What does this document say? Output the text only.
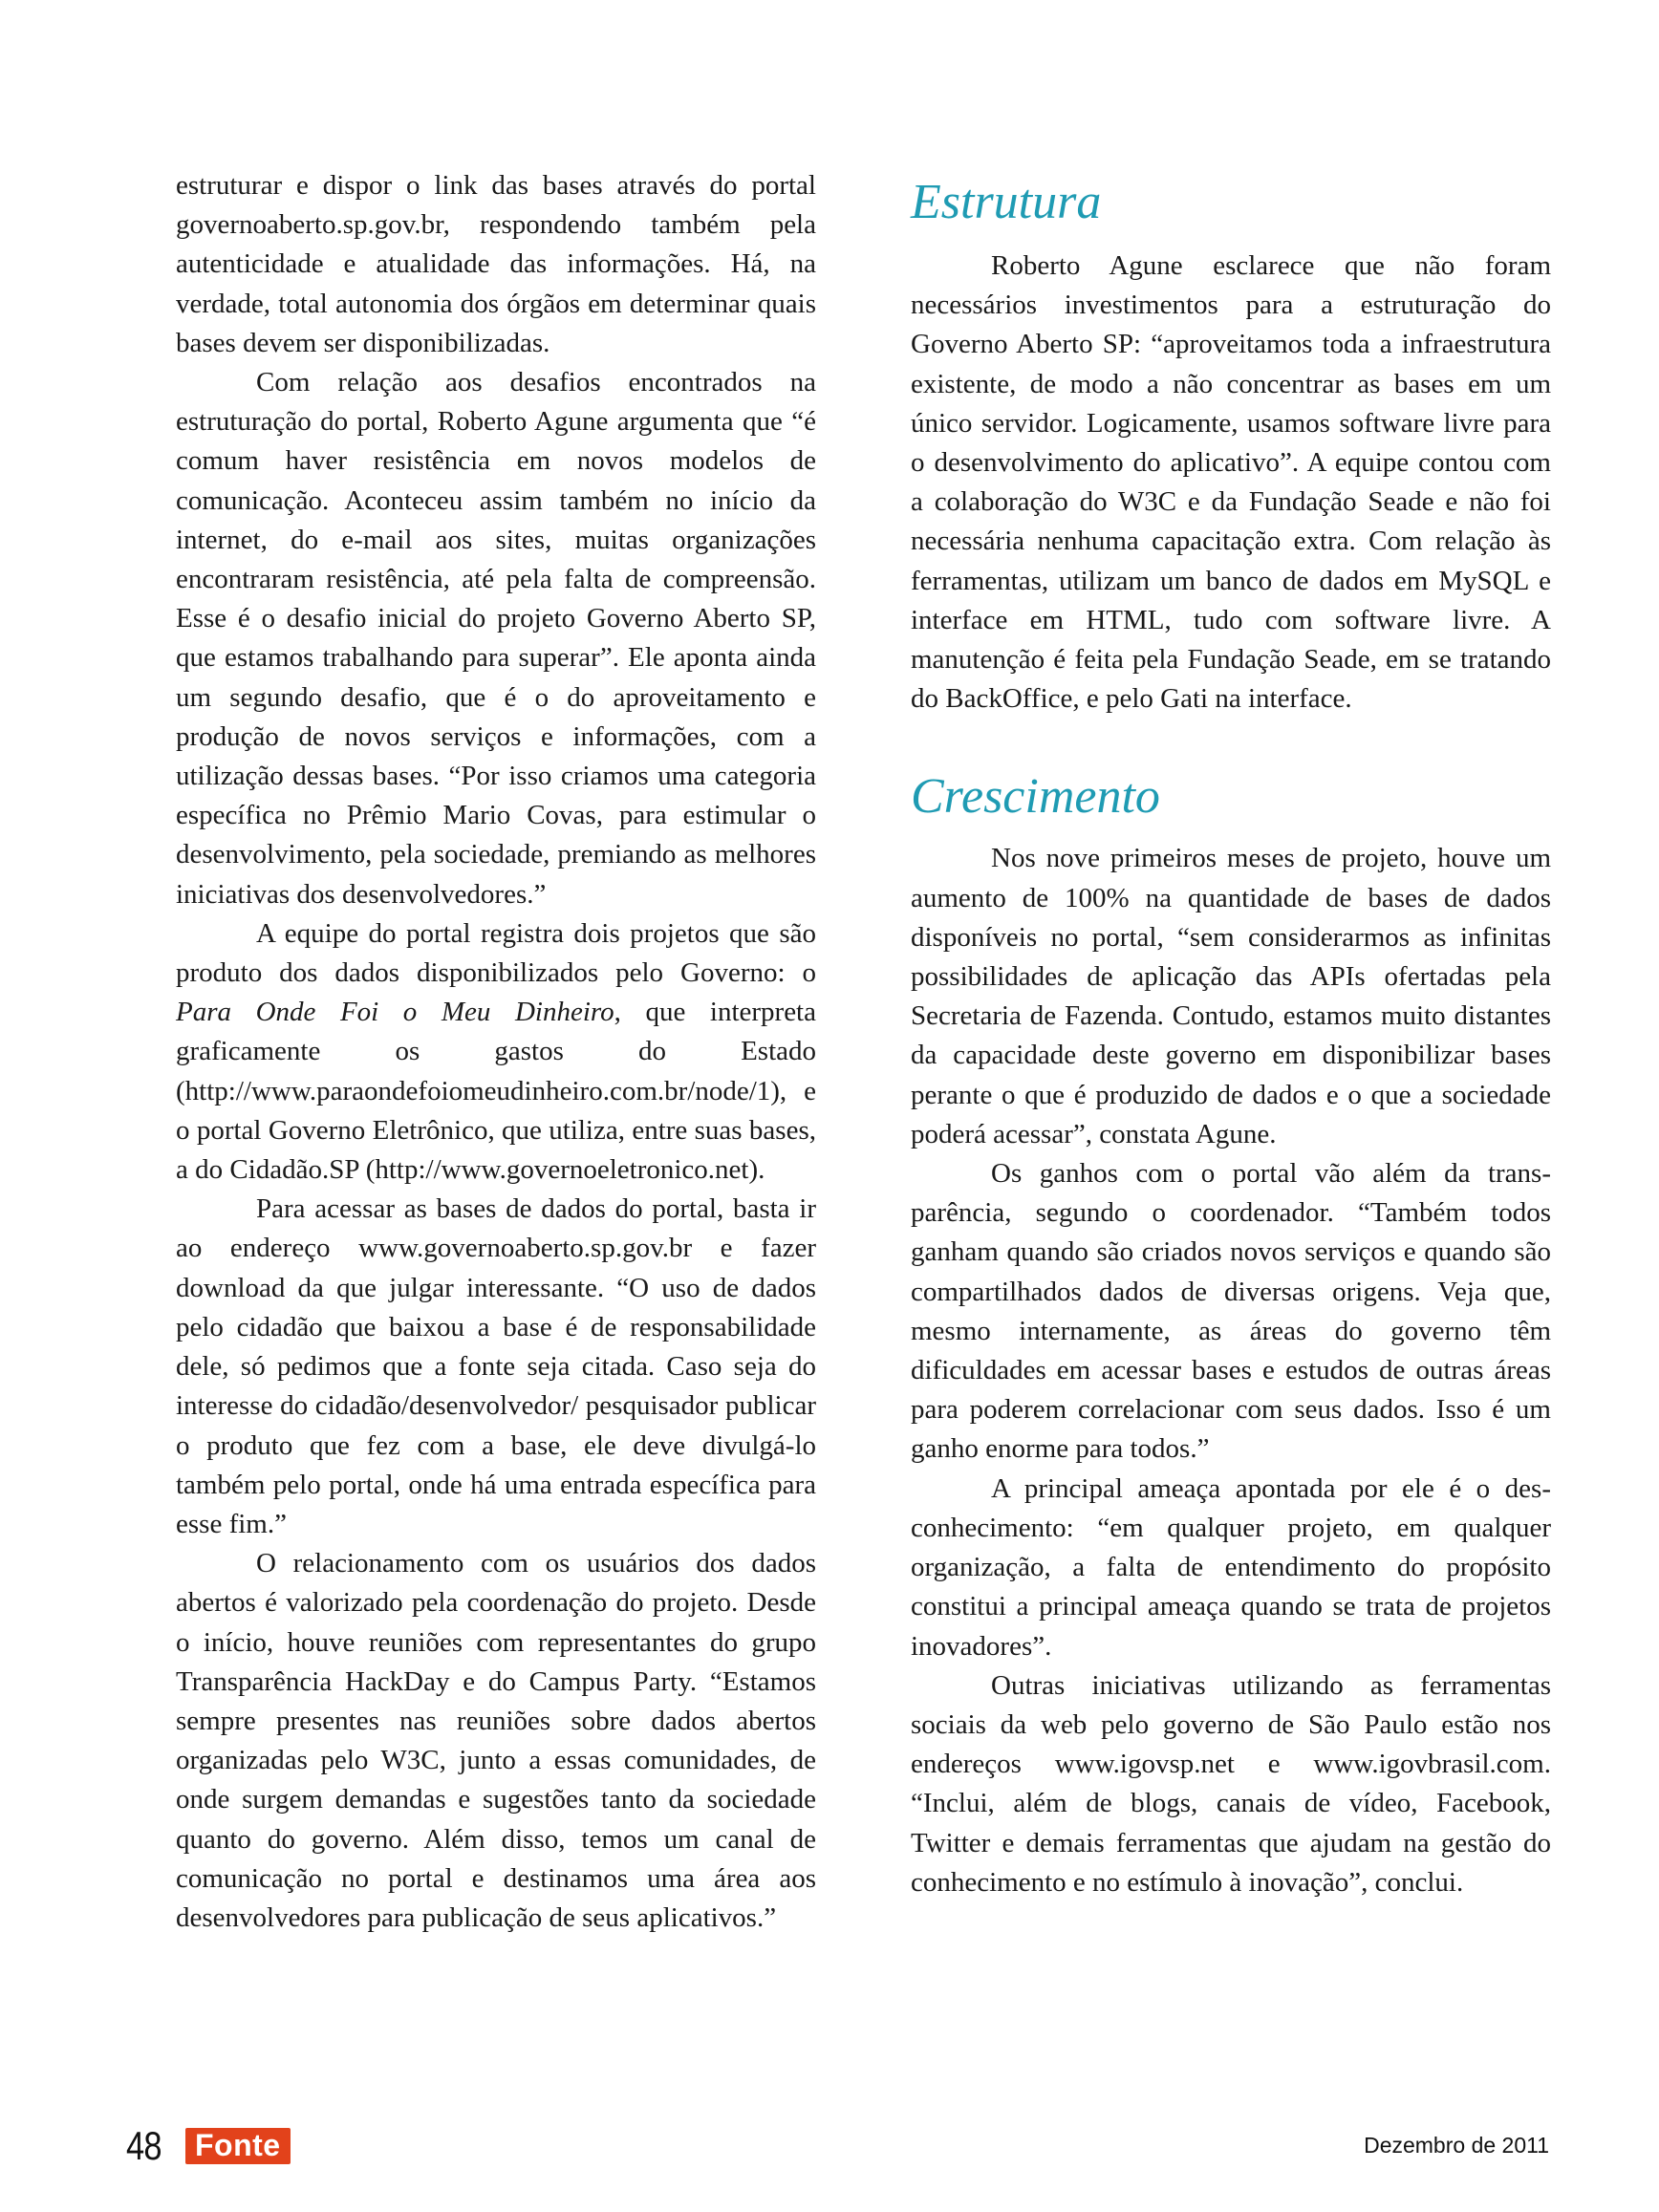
estruturar e dispor o link das bases através do portal governoaberto.sp.gov.br, respondendo também pela autenticidade e atualidade das informações. Há, na verdade, total autonomia dos órgãos em determinar quais bases devem ser disponibilizadas.

Com relação aos desafios encontrados na estruturação do portal, Roberto Agune argumenta que “é comum haver resistência em novos modelos de comunicação. Aconteceu assim também no início da internet, do e-mail aos sites, muitas organizações encontraram resistência, até pela falta de compreensão. Esse é o desafio inicial do projeto Governo Aberto SP, que estamos trabalhando para superar”. Ele aponta ainda um segundo desafio, que é o do aproveitamento e produção de novos serviços e informações, com a utilização dessas bases. “Por isso criamos uma categoria específica no Prêmio Mario Covas, para estimular o desenvolvimento, pela sociedade, premiando as melhores iniciativas dos desenvolvedores.”

A equipe do portal registra dois projetos que são produto dos dados disponibilizados pelo Governo: o Para Onde Foi o Meu Dinheiro, que interpreta graficamente os gastos do Estado (http://www.paraondefoiomeudinheiro.com.br/node/1), e o portal Governo Eletrônico, que utiliza, entre suas bases, a do Cidadão.SP (http://www.governoeletronico.net).

Para acessar as bases de dados do portal, basta ir ao endereço www.governoaberto.sp.gov.br e fazer download da que julgar interessante. “O uso de dados pelo cidadão que baixou a base é de responsabilidade dele, só pedimos que a fonte seja citada. Caso seja do interesse do cidadão/desenvolvedor/ pesquisador publicar o produto que fez com a base, ele deve divulgá-lo também pelo portal, onde há uma entrada específica para esse fim.”

O relacionamento com os usuários dos dados abertos é valorizado pela coordenação do projeto. Desde o início, houve reuniões com representantes do grupo Transparência HackDay e do Campus Party. “Estamos sempre presentes nas reuniões sobre dados abertos organizadas pelo W3C, junto a essas comunidades, de onde surgem demandas e sugestões tanto da sociedade quanto do governo. Além disso, temos um canal de comunicação no portal e destinamos uma área aos desenvolvedores para publicação de seus aplicativos.”

Estrutura

Roberto Agune esclarece que não foram necessários investimentos para a estruturação do Governo Aberto SP: “aproveitamos toda a infraestrutura existente, de modo a não concentrar as bases em um único servidor. Logicamente, usamos software livre para o desenvolvimento do aplicativo”. A equipe contou com a colaboração do W3C e da Fundação Seade e não foi necessária nenhuma capacitação extra. Com relação às ferramentas, utilizam um banco de dados em MySQL e interface em HTML, tudo com software livre. A manutenção é feita pela Fundação Seade, em se tratando do BackOffice, e pelo Gati na interface.

Crescimento

Nos nove primeiros meses de projeto, houve um aumento de 100% na quantidade de bases de dados disponíveis no portal, “sem considerarmos as infinitas possibilidades de aplicação das APIs ofertadas pela Secretaria de Fazenda. Contudo, estamos muito distantes da capacidade deste governo em disponibilizar bases perante o que é produzido de dados e o que a sociedade poderá acessar”, constata Agune.

Os ganhos com o portal vão além da transparência, segundo o coordenador. “Também todos ganham quando são criados novos serviços e quando são compartilhados dados de diversas origens. Veja que, mesmo internamente, as áreas do governo têm dificuldades em acessar bases e estudos de outras áreas para poderem correlacionar com seus dados. Isso é um ganho enorme para todos.”

A principal ameaça apontada por ele é o desconhecimento: “em qualquer projeto, em qualquer organização, a falta de entendimento do propósito constitui a principal ameaça quando se trata de projetos inovadores”.

Outras iniciativas utilizando as ferramentas sociais da web pelo governo de São Paulo estão nos endereços www.igovsp.net e www.igovbrasil.com. “Inclui, além de blogs, canais de vídeo, Facebook, Twitter e demais ferramentas que ajudam na gestão do conhecimento e no estímulo à inovação”, conclui.

48	Fonte	Dezembro de 2011
